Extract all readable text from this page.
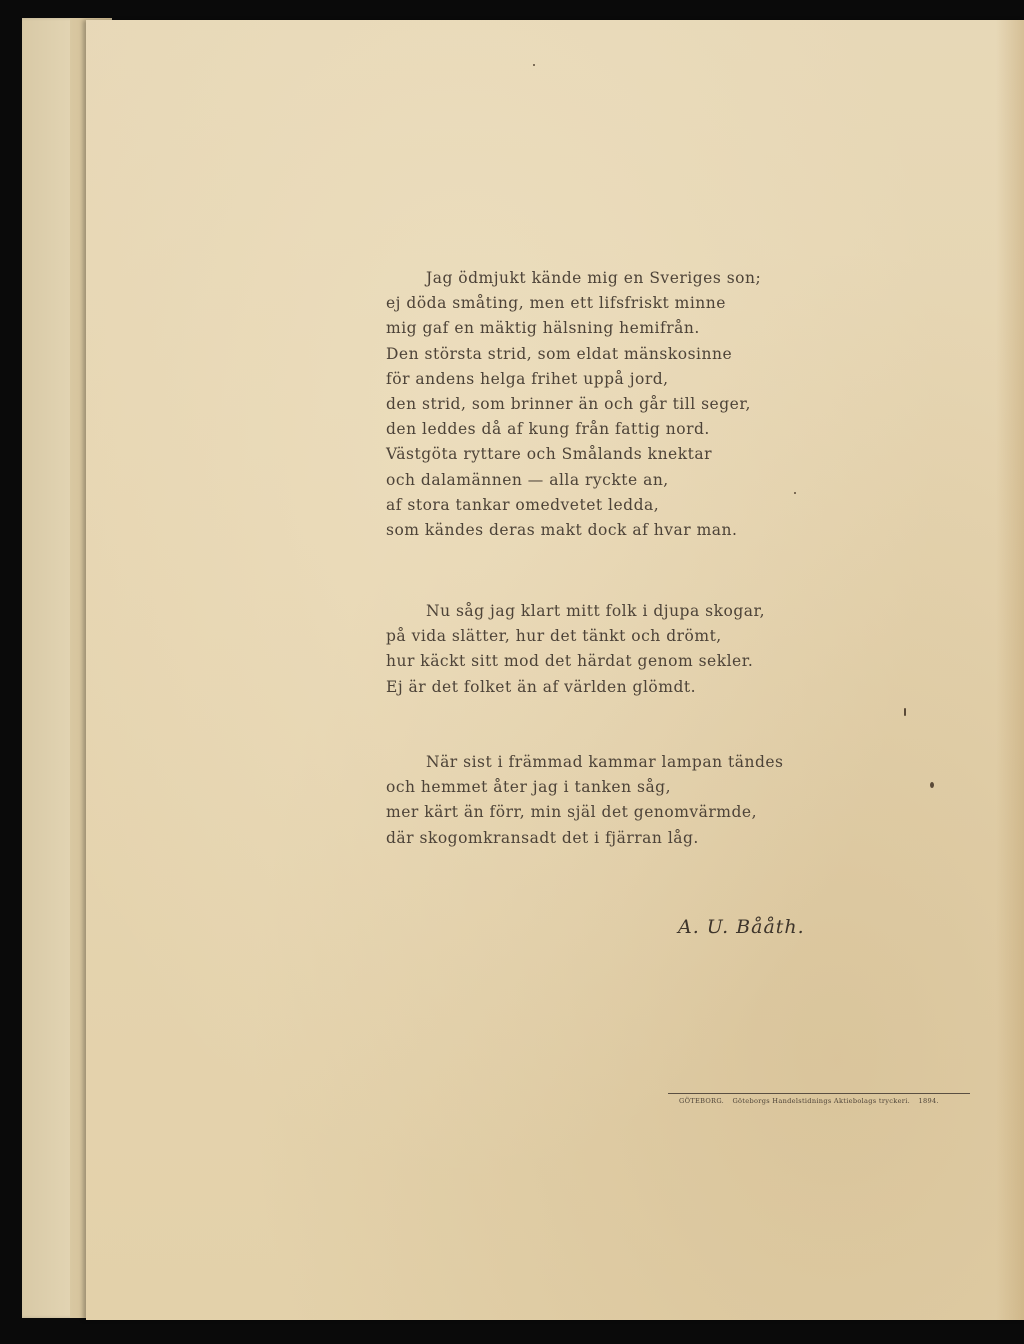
Jag ödmjukt kände mig en Sveriges son;
ej döda småting, men ett lifsfriskt minne
mig gaf en mäktig hälsning hemifrån.
Den största strid, som eldat mänskosinne
för andens helga frihet uppå jord,
den strid, som brinner än och går till seger,
den leddes då af kung från fattig nord.
Västgöta ryttare och Smålands knektar
och dalamännen — alla ryckte an,
af stora tankar omedvetet ledda,
som kändes deras makt dock af hvar man.
Nu såg jag klart mitt folk i djupa skogar,
på vida slätter, hur det tänkt och drömt,
hur käckt sitt mod det härdat genom sekler.
Ej är det folket än af världen glömdt.
När sist i främmad kammar lampan tändes
och hemmet åter jag i tanken såg,
mer kärt än förr, min själ det genomvärmde,
där skogomkransadt det i fjärran låg.
A. U. Bååth.
GÖTEBORG. Göteborgs Handelstidnings Aktiebolags tryckeri. 1894.
